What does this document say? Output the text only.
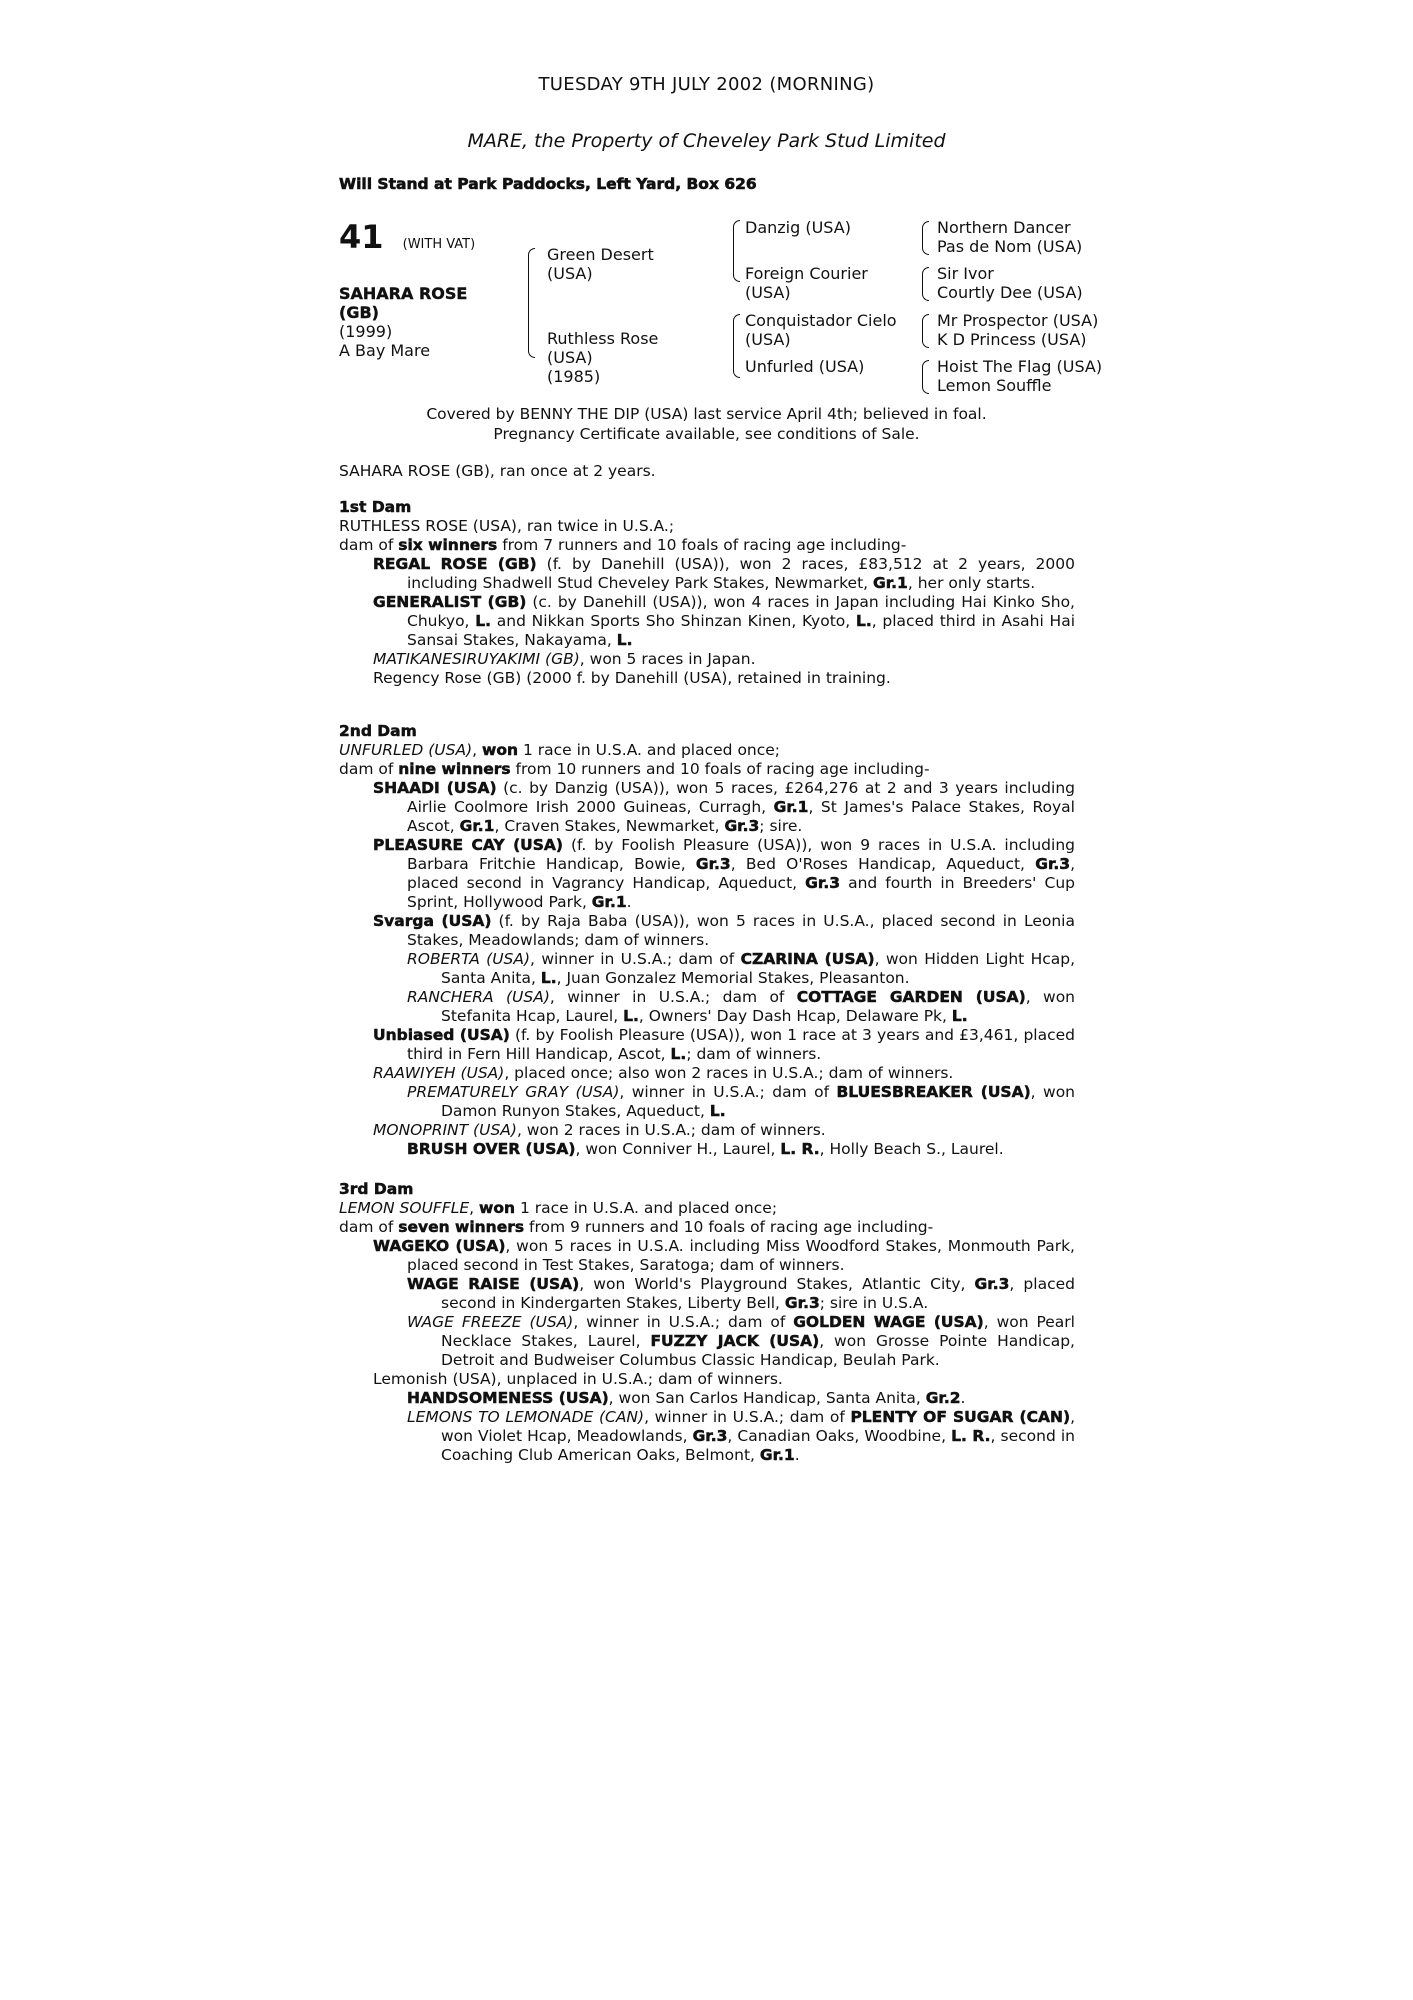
TUESDAY 9TH JULY 2002 (MORNING)
MARE, the Property of Cheveley Park Stud Limited
Will Stand at Park Paddocks, Left Yard, Box 626
41 (WITH VAT)
SAHARA ROSE
(GB)
(1999)
A Bay Mare
Green Desert
(USA)
Ruthless Rose
(USA)
(1985)
Danzig (USA)
Foreign Courier
(USA)
Conquistador Cielo
(USA)
Unfurled (USA)
Northern Dancer
Pas de Nom (USA)
Sir Ivor
Courtly Dee (USA)
Mr Prospector (USA)
K D Princess (USA)
Hoist The Flag (USA)
Lemon Souffle
Covered by BENNY THE DIP (USA) last service April 4th; believed in foal.
Pregnancy Certificate available, see conditions of Sale.
SAHARA ROSE (GB), ran once at 2 years.

1st Dam

RUTHLESS ROSE (USA), ran twice in U.S.A.;

dam of six winners from 7 runners and 10 foals of racing age including-

REGAL ROSE (GB) (f. by Danehill (USA)), won 2 races, £83,512 at 2 years, 2000 including Shadwell Stud Cheveley Park Stakes, Newmarket, Gr.1, her only starts.

GENERALIST (GB) (c. by Danehill (USA)), won 4 races in Japan including Hai Kinko Sho, Chukyo, L. and Nikkan Sports Sho Shinzan Kinen, Kyoto, L., placed third in Asahi Hai Sansai Stakes, Nakayama, L.

MATIKANESIRUYAKIMI (GB), won 5 races in Japan.

Regency Rose (GB) (2000 f. by Danehill (USA), retained in training.

2nd Dam

UNFURLED (USA), won 1 race in U.S.A. and placed once;

dam of nine winners from 10 runners and 10 foals of racing age including-

SHAADI (USA) (c. by Danzig (USA)), won 5 races, £264,276 at 2 and 3 years including Airlie Coolmore Irish 2000 Guineas, Curragh, Gr.1, St James's Palace Stakes, Royal Ascot, Gr.1, Craven Stakes, Newmarket, Gr.3; sire.

PLEASURE CAY (USA) (f. by Foolish Pleasure (USA)), won 9 races in U.S.A. including Barbara Fritchie Handicap, Bowie, Gr.3, Bed O'Roses Handicap, Aqueduct, Gr.3, placed second in Vagrancy Handicap, Aqueduct, Gr.3 and fourth in Breeders' Cup Sprint, Hollywood Park, Gr.1.

Svarga (USA) (f. by Raja Baba (USA)), won 5 races in U.S.A., placed second in Leonia Stakes, Meadowlands; dam of winners.

ROBERTA (USA), winner in U.S.A.; dam of CZARINA (USA), won Hidden Light Hcap, Santa Anita, L., Juan Gonzalez Memorial Stakes, Pleasanton.

RANCHERA (USA), winner in U.S.A.; dam of COTTAGE GARDEN (USA), won Stefanita Hcap, Laurel, L., Owners' Day Dash Hcap, Delaware Pk, L.

Unbiased (USA) (f. by Foolish Pleasure (USA)), won 1 race at 3 years and £3,461, placed third in Fern Hill Handicap, Ascot, L.; dam of winners.

RAAWIYEH (USA), placed once; also won 2 races in U.S.A.; dam of winners.

PREMATURELY GRAY (USA), winner in U.S.A.; dam of BLUESBREAKER (USA), won Damon Runyon Stakes, Aqueduct, L.

MONOPRINT (USA), won 2 races in U.S.A.; dam of winners.

BRUSH OVER (USA), won Conniver H., Laurel, L. R., Holly Beach S., Laurel.

3rd Dam

LEMON SOUFFLE, won 1 race in U.S.A. and placed once;

dam of seven winners from 9 runners and 10 foals of racing age including-

WAGEKO (USA), won 5 races in U.S.A. including Miss Woodford Stakes, Monmouth Park, placed second in Test Stakes, Saratoga; dam of winners.

WAGE RAISE (USA), won World's Playground Stakes, Atlantic City, Gr.3, placed second in Kindergarten Stakes, Liberty Bell, Gr.3; sire in U.S.A.

WAGE FREEZE (USA), winner in U.S.A.; dam of GOLDEN WAGE (USA), won Pearl Necklace Stakes, Laurel, FUZZY JACK (USA), won Grosse Pointe Handicap, Detroit and Budweiser Columbus Classic Handicap, Beulah Park.

Lemonish (USA), unplaced in U.S.A.; dam of winners.

HANDSOMENESS (USA), won San Carlos Handicap, Santa Anita, Gr.2.

LEMONS TO LEMONADE (CAN), winner in U.S.A.; dam of PLENTY OF SUGAR (CAN), won Violet Hcap, Meadowlands, Gr.3, Canadian Oaks, Woodbine, L. R., second in Coaching Club American Oaks, Belmont, Gr.1.
